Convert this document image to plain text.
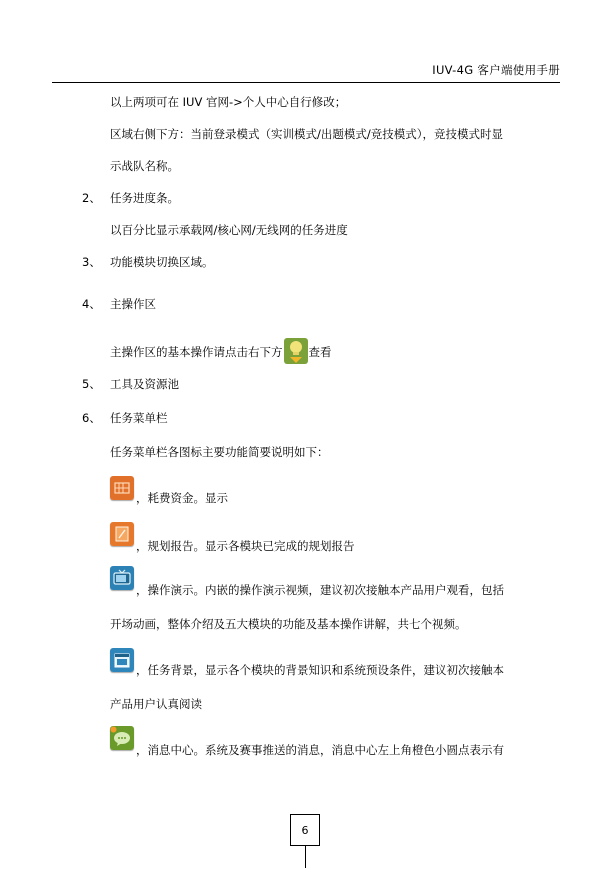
IUV-4G 客户端使用手册
以上两项可在 IUV 官网->个人中心自行修改；
区域右侧下方：当前登录模式（实训模式/出题模式/竞技模式），竞技模式时显
示战队名称。
2、 任务进度条。
以百分比显示承载网/核心网/无线网的任务进度
3、 功能模块切换区域。
4、 主操作区
主操作区的基本操作请点击右下方 查看
5、 工具及资源池
6、 任务菜单栏
任务菜单栏各图标主要功能简要说明如下：
，耗费资金。显示
，规划报告。显示各模块已完成的规划报告
，操作演示。内嵌的操作演示视频，建议初次接触本产品用户观看，包括
开场动画，整体介绍及五大模块的功能及基本操作讲解，共七个视频。
，任务背景，显示各个模块的背景知识和系统预设条件，建议初次接触本
产品用户认真阅读
，消息中心。系统及赛事推送的消息，消息中心左上角橙色小圆点表示有
6
